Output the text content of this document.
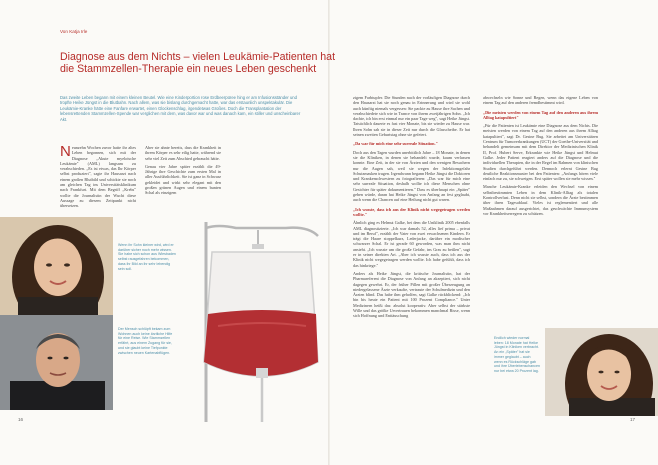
Von Katja Irle
Diagnose aus dem Nichts – vielen Leukämie-Patienten hat die Stammzellen-Therapie ein neues Leben geschenkt
Das zweite Leben begann mit einem kleinen Beutel. Wie eine Kinderportion rose Erdbeerpüree hing er am Infusionsständer und tropfte Heike Jüngst in die Blutbahn. Nach allem, was sie bislang durchgemacht hatte, war das erstaunlich unspektakulär. Die Leukämie-Kranke hätte eine Fanfare erwartet, einen Glockenschlag, irgendetwas Großes. Doch die Transplantation der lebensrettenden Stammzellen-Spende war verglichen mit dem, was davor war und was danach kam, ein stiller und unscheinbarer Akt.

Neunzehn Wochen zuvor hatte ihr altes Leben begonnen, sich mit der Diagnose „Akute myeloische Leukämie" (AML) langsam zu verabschieden. „Es ist etwas, das Ihr Körper selbst produziert", sagte ihr Hausarzt nach einem großen Blutbild und schickte sie noch am gleichen Tag ins Universitätsklinikum nach Frankfurt. Mit dem Begriff „Krebs" wollte die Journalistin der Wucht diese Aussage zu diesem Zeitpunkt nicht übersetzen.

Aber sie ahnte bereits, dass die Krankheit in ihrem Körper es sehr eilig hatte, während sie sehr viel Zeit zum Abschied gebraucht hätte.

Genau vier Jahre später erzählt die 49-Jährige ihre Geschichte zum ersten Mal in aller Ausführlichkeit. Sie ist ganz in Schwarz gekleidet und wirkt sehr elegant mit den großen grünen Augen und einem bunten Schal als einzigem

Wenn ihr Sohn kleiner wird, wird er darüber sicher noch mehr wissen. Sie habe sich schon aus Wiesbaden selbst rausgefahren bekommen, dass ihr Bild an ihr sehr lebendig sein soll.
Der Mensch schlüpft bekam zum Wohnen auch keine ärztliche Hilfe für eine Reise. Wie Stammzellen erfährt, aus einem Zugang für sie, und sie glaubt keine Tiefpunkte zwischen neuen Kartenabflügen.

zigem Farbtupfer. Die Stunden nach der vorläufigen Diagnose durch den Hausarzt hat sie noch genau in Erinnerung und wird sie wohl auch künftig niemals vergessen: Sie packte zu Hause ihre Sachen und verabschiedete sich wie in Trance von ihrem zweijährigen Sohn. „Ich dachte, ich bin erst einmal nur ein paar Tage weg", sagt Heike Jüngst. Tatsächlich dauerte es fast vier Monate, bis sie wieder zu Hause war. Ihren Sohn sah sie in dieser Zeit nur durch die Glasscheibe. Er hat seinen zweiten Geburtstag ohne sie gefeiert.

„Da war für mich eine sehr surreale Situation."

Doch aus den Tagen wurden unerbittlich Jahre – 18 Monate, in denen sie die Kliniken, in denen sie behandelt wurde, kaum verlassen konnte. Eine Zeit, in der sie von Ärzten und den wenigen Besuchern nur die Augen sah, weil sie wegen der Infektionsgefahr Schutzmasken trugen. Irgendwann begann Heike Jüngst die Doktoren und Krankenschwestern zu fotografieren: „Das war für mich eine sehr surreale Situation, deshalb wollte ich diese Menschen ohne Gesichter für später dokumentieren." Dass es überhaupt ein „Später" geben würde, daran hat Heike Jüngst von Anfang an fest geglaubt, auch wenn die Chancen auf eine Heilung nicht gut waren.

„Ich wusste, dass ich aus der Klinik nicht wegegetragen werden wollte."

Ähnlich ging es Helmut Galke, bei dem die Uniklinik 2005 ebenfalls AML diagnostizierte. „Ich war damals 52, alles lief prima – privat und im Beruf", erzählt der Vater von zwei erwachsenen Kindern. Er trägt die Haare stoppelkurz, Lederjacke, darüber ein modischer schwarzer Schal. Er ist gerade 60 geworden, was man ihm nicht ansieht. „Ich wusste um die große Gefahr, ins Gras zu beißen", sagt er in seiner direkten Art. „Aber ich wusste auch, dass ich aus der Klinik nicht wegegetragen werden wollte. Ich habe gefühlt, dass ich das hinkriege."

Anders als Heike Jüngst, die kritische Journalistin, hat der Pharmareferent die Diagnose von Anfang an akzeptiert, sich nicht dagegen gewehrt. Er, der früher Pillen mit großer Überzeugung an niedergelassene Ärzte verkaufte, vertraute der Schulmedizin und den Ärzten blind. Das habe ihm geholfen, sagt Galke rückblickend: „Ich bin bis heute ein Patient mit 100 Prozent Compliance." Unter Medizinern heißt das: absolut kooperativ. Aber selbst der stärkste Wille und das größte Urvertrauen bekommen manchmal Risse, wenn sich Hoffnung und Enttäuschung

abwechseln wie Sonne und Regen, wenn das eigene Leben von einem Tag auf den anderen fremdbestimmt wird.

„Die meisten werden von einem Tag auf den anderen aus ihrem Alltag katapultiert"

„Für die Patienten ist Leukämie eine Diagnose aus dem Nichts. Die meisten werden von einem Tag auf den anderen aus ihrem Alltag katapultiert", sagt Dr. Gesine Bug. Sie arbeitet am Universitären Centrum für Tumorerkrankungen (UCT) der Goethe-Universität und behandelt gemeinsam mit dem Direktor der Medizinischen Klinik II, Prof. Hubert Serve, Erkrankte wie Heike Jüngst und Helmut Galke. Jeder Patient reagiert anders auf die Diagnose und die individuellen Therapien, die in der Regel im Rahmen von klinischen Studien durchgeführt werden. Dennoch erlernt Gesine Bug deutliche Reaktionsmuster bei den Patienten: „Anfangs hören viele einfach nur zu, sie schweigen. Erst später wollen sie mehr wissen."

Manche Leukämie-Kranke erleiden den Wechsel von einem selbstbestimmten Leben in dem Klinik-Alltag als totalen Kontrollverlust. Denn nicht sie selbst, sondern die Ärzte bestimmen über ihren Tagesablauf. Vieles ist reglementiert und alle Maßnahmen darauf ausgerichtet, das geschwächte Immunsystem vor Krankheitserregern zu schützen.

Endlich wieder normal leben: 18 Monate hat Heike Jüngst in Kliniken verbracht. An ein „Später" hat sie immer geglaubt – auch wenn es Rückschläge gab und ihre Überlebenschancen nur bei etwa 20 Prozent lag.
16	17
